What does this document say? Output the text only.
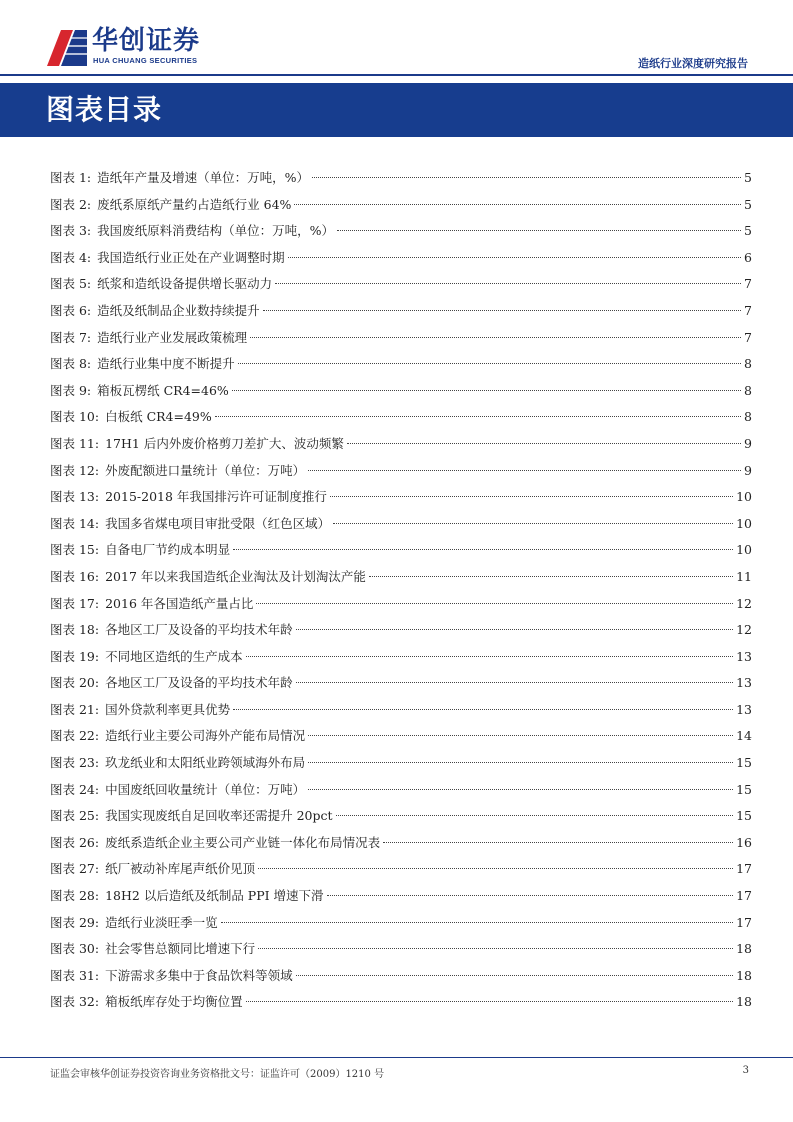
华创证券
HUA CHUANG SECURITIES	造纸行业深度研究报告
图表目录
图表 1: 造纸年产量及增速（单位：万吨，%）	5
图表 2: 废纸系原纸产量约占造纸行业 64%	5
图表 3: 我国废纸原料消费结构（单位：万吨，%）	5
图表 4: 我国造纸行业正处在产业调整时期	6
图表 5: 纸浆和造纸设备提供增长驱动力	7
图表 6: 造纸及纸制品企业数持续提升	7
图表 7: 造纸行业产业发展政策梳理	7
图表 8: 造纸行业集中度不断提升	8
图表 9: 箱板瓦楞纸 CR4=46%	8
图表 10: 白板纸 CR4=49%	8
图表 11: 17H1 后内外废价格剪刀差扩大、波动频繁	9
图表 12: 外废配额进口量统计（单位：万吨）	9
图表 13: 2015-2018 年我国排污许可证制度推行	10
图表 14: 我国多省煤电项目审批受限（红色区域）	10
图表 15: 自备电厂节约成本明显	10
图表 16: 2017 年以来我国造纸企业淘汰及计划淘汰产能	11
图表 17: 2016 年各国造纸产量占比	12
图表 18: 各地区工厂及设备的平均技术年龄	12
图表 19: 不同地区造纸的生产成本	13
图表 20: 各地区工厂及设备的平均技术年龄	13
图表 21: 国外贷款利率更具优势	13
图表 22: 造纸行业主要公司海外产能布局情况	14
图表 23: 玖龙纸业和太阳纸业跨领域海外布局	15
图表 24: 中国废纸回收量统计（单位：万吨）	15
图表 25: 我国实现废纸自足回收率还需提升 20pct	15
图表 26: 废纸系造纸企业主要公司产业链一体化布局情况表	16
图表 27: 纸厂被动补库尾声纸价见顶	17
图表 28: 18H2 以后造纸及纸制品 PPI 增速下滑	17
图表 29: 造纸行业淡旺季一览	17
图表 30: 社会零售总额同比增速下行	18
图表 31: 下游需求多集中于食品饮料等领域	18
图表 32: 箱板纸库存处于均衡位置	18
证监会审核华创证券投资咨询业务资格批文号：证监许可（2009）1210 号	3
